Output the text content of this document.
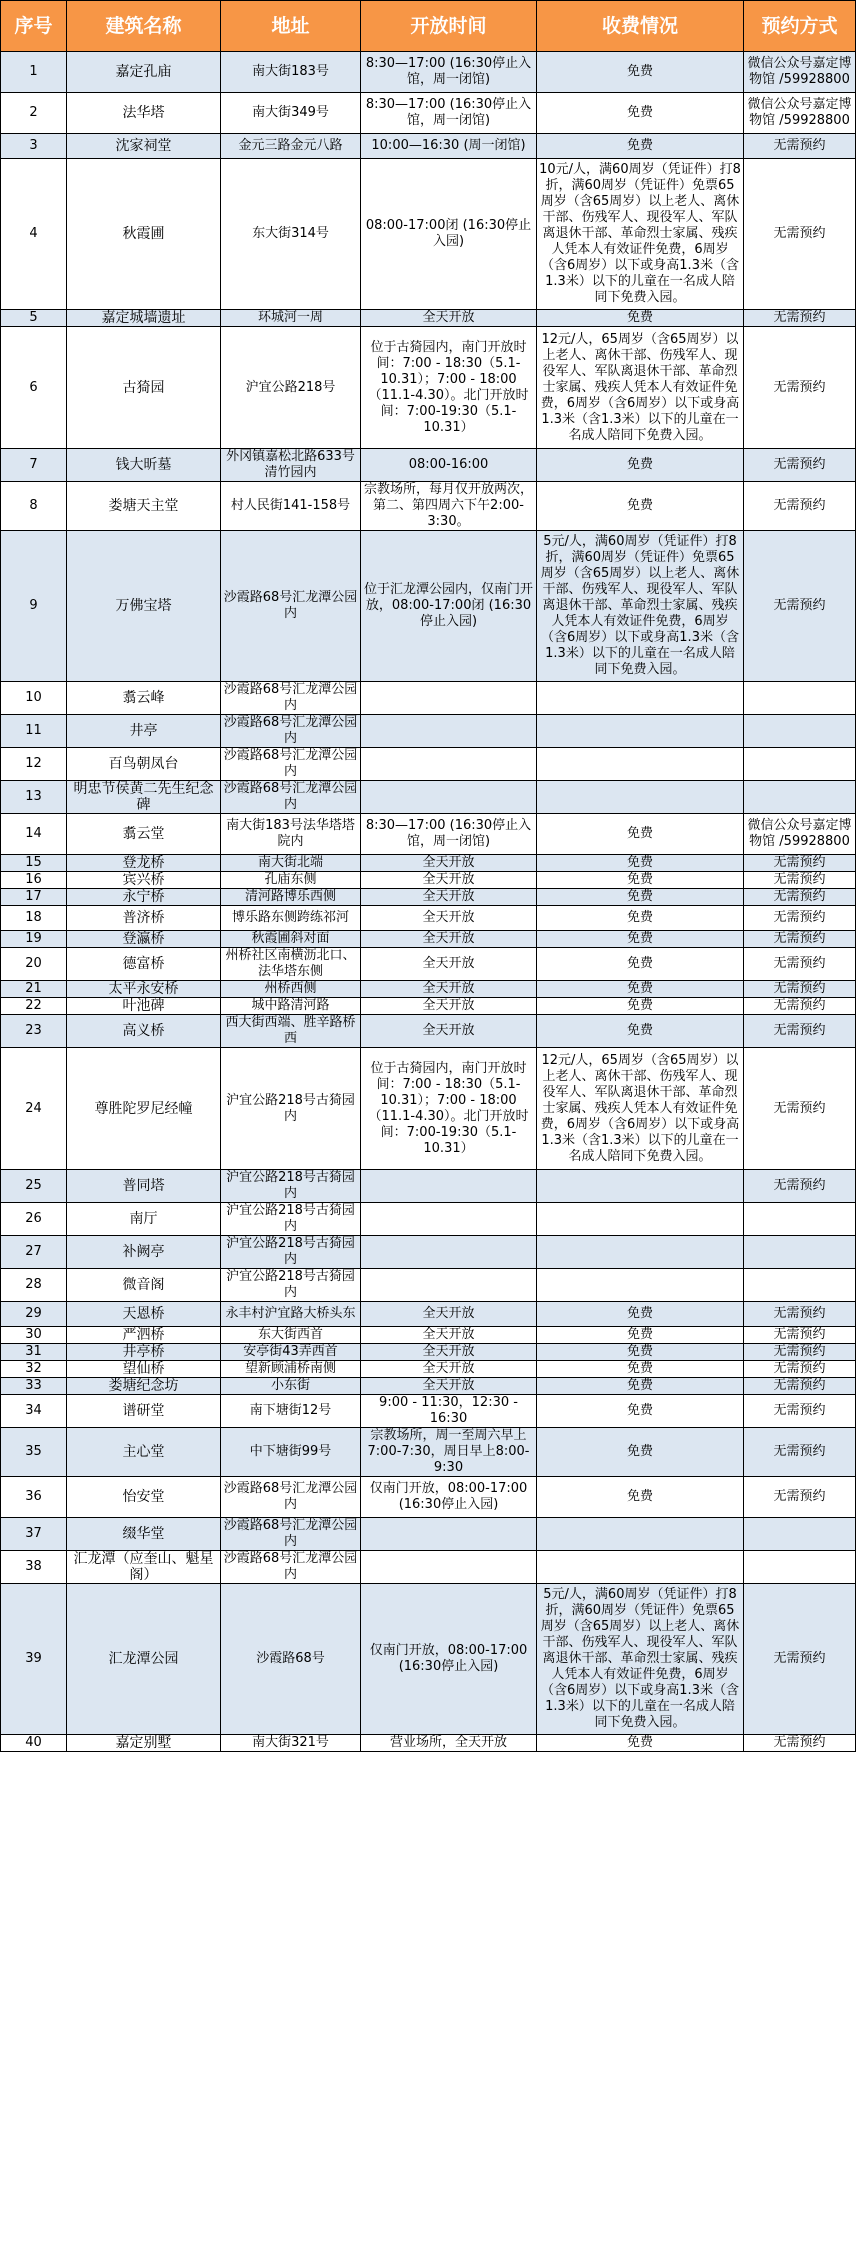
序号	建筑名称	地址	开放时间	收费情况	预约方式
1	嘉定孔庙	南大街183号	8:30—17:00 (16:30停止入馆，周一闭馆)	免费	微信公众号嘉定博物馆 /59928800
2	法华塔	南大街349号	8:30—17:00 (16:30停止入馆，周一闭馆)	免费	微信公众号嘉定博物馆 /59928800
3	沈家祠堂	金元三路金元八路	10:00—16:30 (周一闭馆)	免费	无需预约
4	秋霞圃	东大街314号	08:00-17:00闭 (16:30停止入园)	10元/人，满60周岁（凭证件）打8折，满60周岁（凭证件）免票65周岁（含65周岁）以上老人、离休干部、伤残军人、现役军人、军队离退休干部、革命烈士家属、残疾人凭本人有效证件免费，6周岁（含6周岁）以下或身高1.3米（含1.3米）以下的儿童在一名成人陪同下免费入园。	无需预约
5	嘉定城墙遗址	环城河一周	全天开放	免费	无需预约
6	古猗园	沪宜公路218号	位于古猗园内，南门开放时间：7:00 - 18:30（5.1-10.31）；7:00 - 18:00 （11.1-4.30）。北门开放时间：7:00-19:30（5.1-10.31）	12元/人，65周岁（含65周岁）以上老人、离休干部、伤残军人、现役军人、军队离退休干部、革命烈士家属、残疾人凭本人有效证件免费，6周岁（含6周岁）以下或身高1.3米（含1.3米）以下的儿童在一名成人陪同下免费入园。	无需预约
7	钱大昕墓	外冈镇嘉松北路633号清竹园内	08:00-16:00	免费	无需预约
8	娄塘天主堂	村人民街141-158号	宗教场所，每月仅开放两次，第二、第四周六下午2:00-3:30。	免费	无需预约
9	万佛宝塔	沙霞路68号汇龙潭公园内	位于汇龙潭公园内，仅南门开放，08:00-17:00闭 (16:30停止入园)	5元/人，满60周岁（凭证件）打8折，满60周岁（凭证件）免票65周岁（含65周岁）以上老人、离休干部、伤残军人、现役军人、军队离退休干部、革命烈士家属、残疾人凭本人有效证件免费，6周岁（含6周岁）以下或身高1.3米（含1.3米）以下的儿童在一名成人陪同下免费入园。	无需预约
10	翥云峰	沙霞路68号汇龙潭公园内			
11	井亭	沙霞路68号汇龙潭公园内			
12	百鸟朝凤台	沙霞路68号汇龙潭公园内			
13	明忠节侯黄二先生纪念碑	沙霞路68号汇龙潭公园内			
14	翥云堂	南大街183号法华塔塔院内	8:30—17:00 (16:30停止入馆，周一闭馆)	免费	微信公众号嘉定博物馆 /59928800
15	登龙桥	南大街北端	全天开放	免费	无需预约
16	宾兴桥	孔庙东侧	全天开放	免费	无需预约
17	永宁桥	清河路博乐西侧	全天开放	免费	无需预约
18	普济桥	博乐路东侧跨练祁河	全天开放	免费	无需预约
19	登瀛桥	秋霞圃斜对面	全天开放	免费	无需预约
20	德富桥	州桥社区南横沥北口、法华塔东侧	全天开放	免费	无需预约
21	太平永安桥	州桥西侧	全天开放	免费	无需预约
22	叶池碑	城中路清河路	全天开放	免费	无需预约
23	高义桥	西大街西端、胜辛路桥西	全天开放	免费	无需预约
24	尊胜陀罗尼经幢	沪宜公路218号古猗园内	位于古猗园内，南门开放时间：7:00 - 18:30（5.1-10.31）；7:00 - 18:00 （11.1-4.30）。北门开放时间：7:00-19:30（5.1-10.31）	12元/人，65周岁（含65周岁）以上老人、离休干部、伤残军人、现役军人、军队离退休干部、革命烈士家属、残疾人凭本人有效证件免费，6周岁（含6周岁）以下或身高1.3米（含1.3米）以下的儿童在一名成人陪同下免费入园。	无需预约
25	普同塔	沪宜公路218号古猗园内			无需预约
26	南厅	沪宜公路218号古猗园内			
27	补阙亭	沪宜公路218号古猗园内			
28	微音阁	沪宜公路218号古猗园内			
29	天恩桥	永丰村沪宜路大桥头东	全天开放	免费	无需预约
30	严泗桥	东大街西首	全天开放	免费	无需预约
31	井亭桥	安亭街43弄西首	全天开放	免费	无需预约
32	望仙桥	望新顾浦桥南侧	全天开放	免费	无需预约
33	娄塘纪念坊	小东街	全天开放	免费	无需预约
34	谱研堂	南下塘街12号	9:00 - 11:30，12:30 - 16:30	免费	无需预约
35	主心堂	中下塘街99号	宗教场所，周一至周六早上7:00-7:30，周日早上8:00-9:30	免费	无需预约
36	怡安堂	沙霞路68号汇龙潭公园内	仅南门开放，08:00-17:00 (16:30停止入园)	免费	无需预约
37	缀华堂	沙霞路68号汇龙潭公园内			
38	汇龙潭（应奎山、魁星阁）	沙霞路68号汇龙潭公园内			
39	汇龙潭公园	沙霞路68号	仅南门开放，08:00-17:00 (16:30停止入园)	5元/人，满60周岁（凭证件）打8折，满60周岁（凭证件）免票65周岁（含65周岁）以上老人、离休干部、伤残军人、现役军人、军队离退休干部、革命烈士家属、残疾人凭本人有效证件免费，6周岁（含6周岁）以下或身高1.3米（含1.3米）以下的儿童在一名成人陪同下免费入园。	无需预约
40	嘉定别墅	南大街321号	营业场所，全天开放	免费	无需预约
